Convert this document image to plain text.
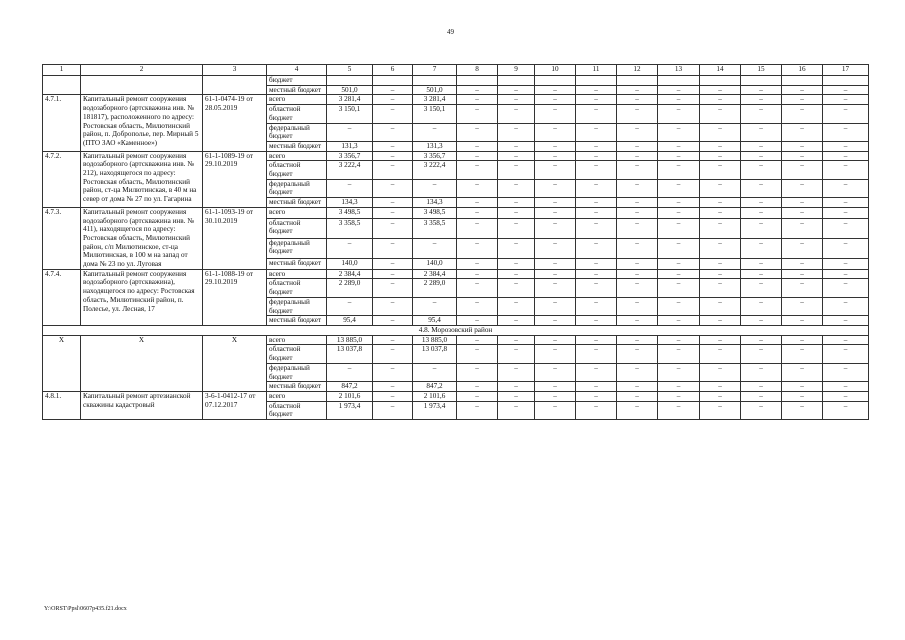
49
1	2	3	4	5	6	7	8	9	10	11	12	13	14	15	16	17
			бюджет													
			местный бюджет	501,0	–	501,0	–	–	–	–	–	–	–	–	–	–
4.7.1.	Капитальный ремонт сооружения водозаборного (артскважина инв. № 181817), расположенного по адресу: Ростовская область, Милютинский район, п. Доброполье, пер. Мирный 5 (ПТО ЗАО «Каменное»)	61-1-0474-19 от 28.05.2019	всего	3 281,4	–	3 281,4	–	–	–	–	–	–	–	–	–	–
			областной бюджет	3 150,1	–	3 150,1	–	–	–	–	–	–	–	–	–	–
			федеральный бюджет	–	–	–	–	–	–	–	–	–	–	–	–	–
			местный бюджет	131,3	–	131,3	–	–	–	–	–	–	–	–	–	–
4.7.2.	Капитальный ремонт сооружения водозаборного (артскважина инв. № 212), находящегося по адресу: Ростовская область, Милютинский район, ст-ца Милютинская, в 40 м на север от дома № 27 по ул. Гагарина	61-1-1089-19 от 29.10.2019	всего	3 356,7	–	3 356,7	–	–	–	–	–	–	–	–	–	–
			областной бюджет	3 222,4	–	3 222,4	–	–	–	–	–	–	–	–	–	–
			федеральный бюджет	–	–	–	–	–	–	–	–	–	–	–	–	–
			местный бюджет	134,3	–	134,3	–	–	–	–	–	–	–	–	–	–
4.7.3.	Капитальный ремонт сооружения водозаборного (артскважина инв. № 411), находящегося по адресу: Ростовская область, Милютинский район, с/п Милютинское, ст-ца Милютинская, в 100 м на запад от дома № 23 по ул. Луговая	61-1-1093-19 от 30.10.2019	всего	3 498,5	–	3 498,5	–	–	–	–	–	–	–	–	–	–
			областной бюджет	3 358,5	–	3 358,5	–	–	–	–	–	–	–	–	–	–
			федеральный бюджет	–	–	–	–	–	–	–	–	–	–	–	–	–
			местный бюджет	140,0	–	140,0	–	–	–	–	–	–	–	–	–	–
4.7.4.	Капитальный ремонт сооружения водозаборного (артскважина), находящегося по адресу: Ростовская область, Милютинский район, п. Полесье, ул. Лесная, 17	61-1-1088-19 от 29.10.2019	всего	2 384,4	–	2 384,4	–	–	–	–	–	–	–	–	–	–
			областной бюджет	2 289,0	–	2 289,0	–	–	–	–	–	–	–	–	–	–
			федеральный бюджет	–	–	–	–	–	–	–	–	–	–	–	–	–
			местный бюджет	95,4	–	95,4	–	–	–	–	–	–	–	–	–	–
4.8. Морозовский район																
X	X	X	всего	13 885,0	–	13 885,0	–	–	–	–	–	–	–	–	–	–
			областной бюджет	13 037,8	–	13 037,8	–	–	–	–	–	–	–	–	–	–
			федеральный бюджет	–	–	–	–	–	–	–	–	–	–	–	–	–
			местный бюджет	847,2	–	847,2	–	–	–	–	–	–	–	–	–	–
4.8.1.	Капитальный ремонт артезианской скважины кадастровый	3-6-1-0412-17 от 07.12.2017	всего	2 101,6	–	2 101,6	–	–	–	–	–	–	–	–	–	–
			областной бюджет	1 973,4	–	1 973,4	–	–	–	–	–	–	–	–	–	–
Y:\ORST\Ppsl\0607p435.f21.docx
